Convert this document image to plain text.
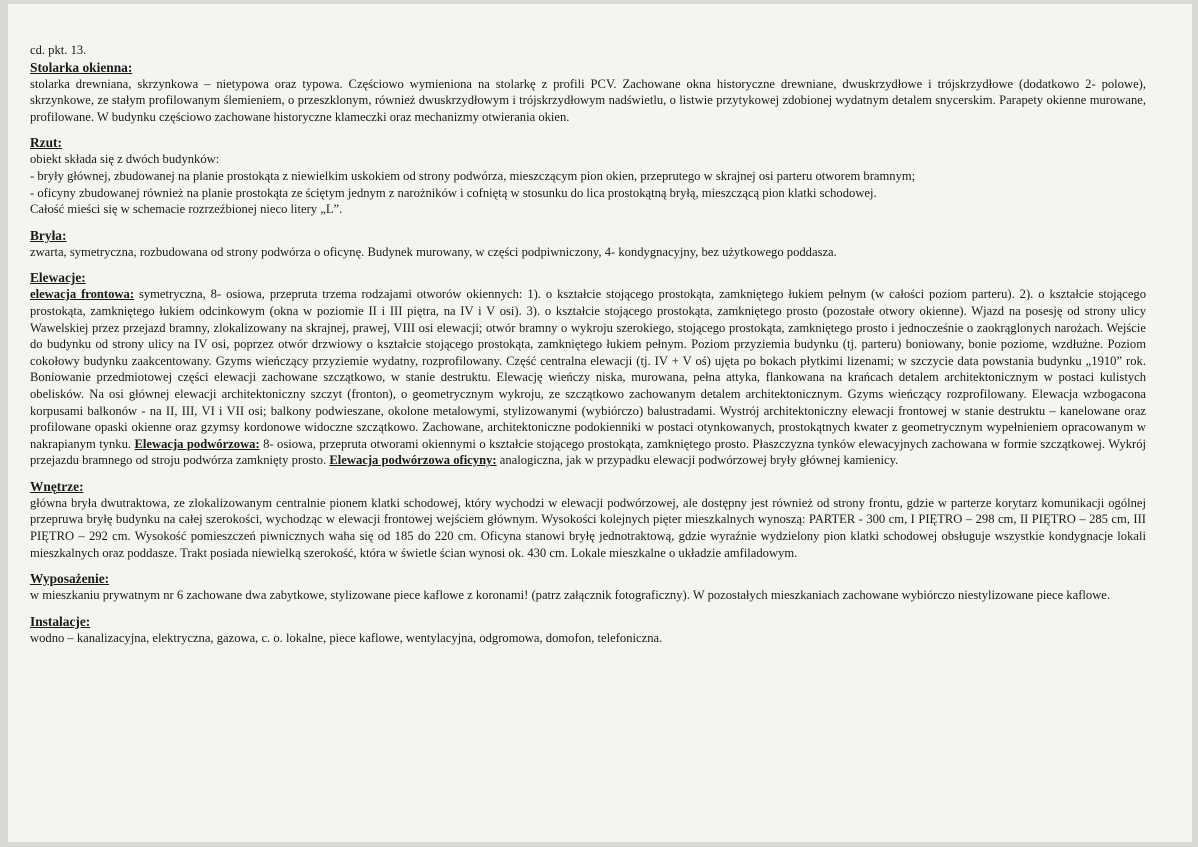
cd. pkt. 13.
Stolarka okienna:

stolarka drewniana, skrzynkowa – nietypowa oraz typowa. Częściowo wymieniona na stolarkę z profili PCV. Zachowane okna historyczne drewniane, dwuskrzydłowe i trójskrzydłowe (dodatkowo 2- polowe), skrzynkowe, ze stałym profilowanym ślemieniem, o przeszklonym, również dwuskrzydłowym i trójskrzydłowym nadświetlu, o listwie przytykowej zdobionej wydatnym detalem snycerskim. Parapety okienne murowane, profilowane. W budynku częściowo zachowane historyczne klameczki oraz mechanizmy otwierania okien.

Rzut:

obiekt składa się z dwóch budynków:

- bryły głównej, zbudowanej na planie prostokąta z niewielkim uskokiem od strony podwórza, mieszczącym pion okien, przeprutego w skrajnej osi parteru otworem bramnym;

- oficyny zbudowanej również na planie prostokąta ze ściętym jednym z narożników i cofniętą w stosunku do lica prostokątną bryłą, mieszczącą pion klatki schodowej.

Całość mieści się w schemacie rozrzeźbionej nieco litery „L”.

Bryła:

zwarta, symetryczna, rozbudowana od strony podwórza o oficynę. Budynek murowany, w części podpiwniczony, 4- kondygnacyjny, bez użytkowego poddasza.

Elewacje:

elewacja frontowa: symetryczna, 8- osiowa, przepruta trzema rodzajami otworów okiennych: 1). o kształcie stojącego prostokąta, zamkniętego łukiem pełnym (w całości poziom parteru). 2). o kształcie stojącego prostokąta, zamkniętego łukiem odcinkowym (okna w poziomie II i III piętra, na IV i V osi). 3). o kształcie stojącego prostokąta, zamkniętego prosto (pozostałe otwory okienne). Wjazd na posesję od strony ulicy Wawelskiej przez przejazd bramny, zlokalizowany na skrajnej, prawej, VIII osi elewacji; otwór bramny o wykroju szerokiego, stojącego prostokąta, zamkniętego prosto i jednocześnie o zaokrąglonych narożach. Wejście do budynku od strony ulicy na IV osi, poprzez otwór drzwiowy o kształcie stojącego prostokąta, zamkniętego łukiem pełnym. Poziom przyziemia budynku (tj. parteru) boniowany, bonie poziome, wzdłużne. Poziom cokołowy budynku zaakcentowany. Gzyms wieńczący przyziemie wydatny, rozprofilowany. Część centralna elewacji (tj. IV + V oś) ujęta po bokach płytkimi lizenami; w szczycie data powstania budynku „1910” rok. Boniowanie przedmiotowej części elewacji zachowane szczątkowo, w stanie destruktu. Elewację wieńczy niska, murowana, pełna attyka, flankowana na krańcach detalem architektonicznym w postaci kulistych obelisków. Na osi głównej elewacji architektoniczny szczyt (fronton), o geometrycznym wykroju, ze szczątkowo zachowanym detalem architektonicznym. Gzyms wieńczący rozprofilowany. Elewacja wzbogacona korpusami balkonów - na II, III, VI i VII osi; balkony podwieszane, okolone metalowymi, stylizowanymi (wybiórczo) balustradami. Wystrój architektoniczny elewacji frontowej w stanie destruktu – kanelowane oraz profilowane opaski okienne oraz gzymsy kordonowe widoczne szczątkowo. Zachowane, architektoniczne podokienniki w postaci otynkowanych, prostokątnych kwater z geometrycznym wypełnieniem opracowanym w nakrapianym tynku. Elewacja podwórzowa: 8- osiowa, przepruta otworami okiennymi o kształcie stojącego prostokąta, zamkniętego prosto. Płaszczyzna tynków elewacyjnych zachowana w formie szczątkowej. Wykrój przejazdu bramnego od stroju podwórza zamknięty prosto. Elewacja podwórzowa oficyny: analogiczna, jak w przypadku elewacji podwórzowej bryły głównej kamienicy.

Wnętrze:

główna bryła dwutraktowa, ze zlokalizowanym centralnie pionem klatki schodowej, który wychodzi w elewacji podwórzowej, ale dostępny jest również od strony frontu, gdzie w parterze korytarz komunikacji ogólnej przepruwa bryłę budynku na całej szerokości, wychodząc w elewacji frontowej wejściem głównym. Wysokości kolejnych pięter mieszkalnych wynoszą: PARTER - 300 cm, I PIĘTRO – 298 cm, II PIĘTRO – 285 cm, III PIĘTRO – 292 cm. Wysokość pomieszczeń piwnicznych waha się od 185 do 220 cm. Oficyna stanowi bryłę jednotraktową, gdzie wyraźnie wydzielony pion klatki schodowej obsługuje wszystkie kondygnacje lokali mieszkalnych oraz poddasze. Trakt posiada niewielką szerokość, która w świetle ścian wynosi ok. 430 cm. Lokale mieszkalne o układzie amfiladowym.

Wyposażenie:

w mieszkaniu prywatnym nr 6 zachowane dwa zabytkowe, stylizowane piece kaflowe z koronami! (patrz załącznik fotograficzny). W pozostałych mieszkaniach zachowane wybiórczo niestylizowane piece kaflowe.

Instalacje:

wodno – kanalizacyjna, elektryczna, gazowa, c. o. lokalne, piece kaflowe, wentylacyjna, odgromowa, domofon, telefoniczna.
